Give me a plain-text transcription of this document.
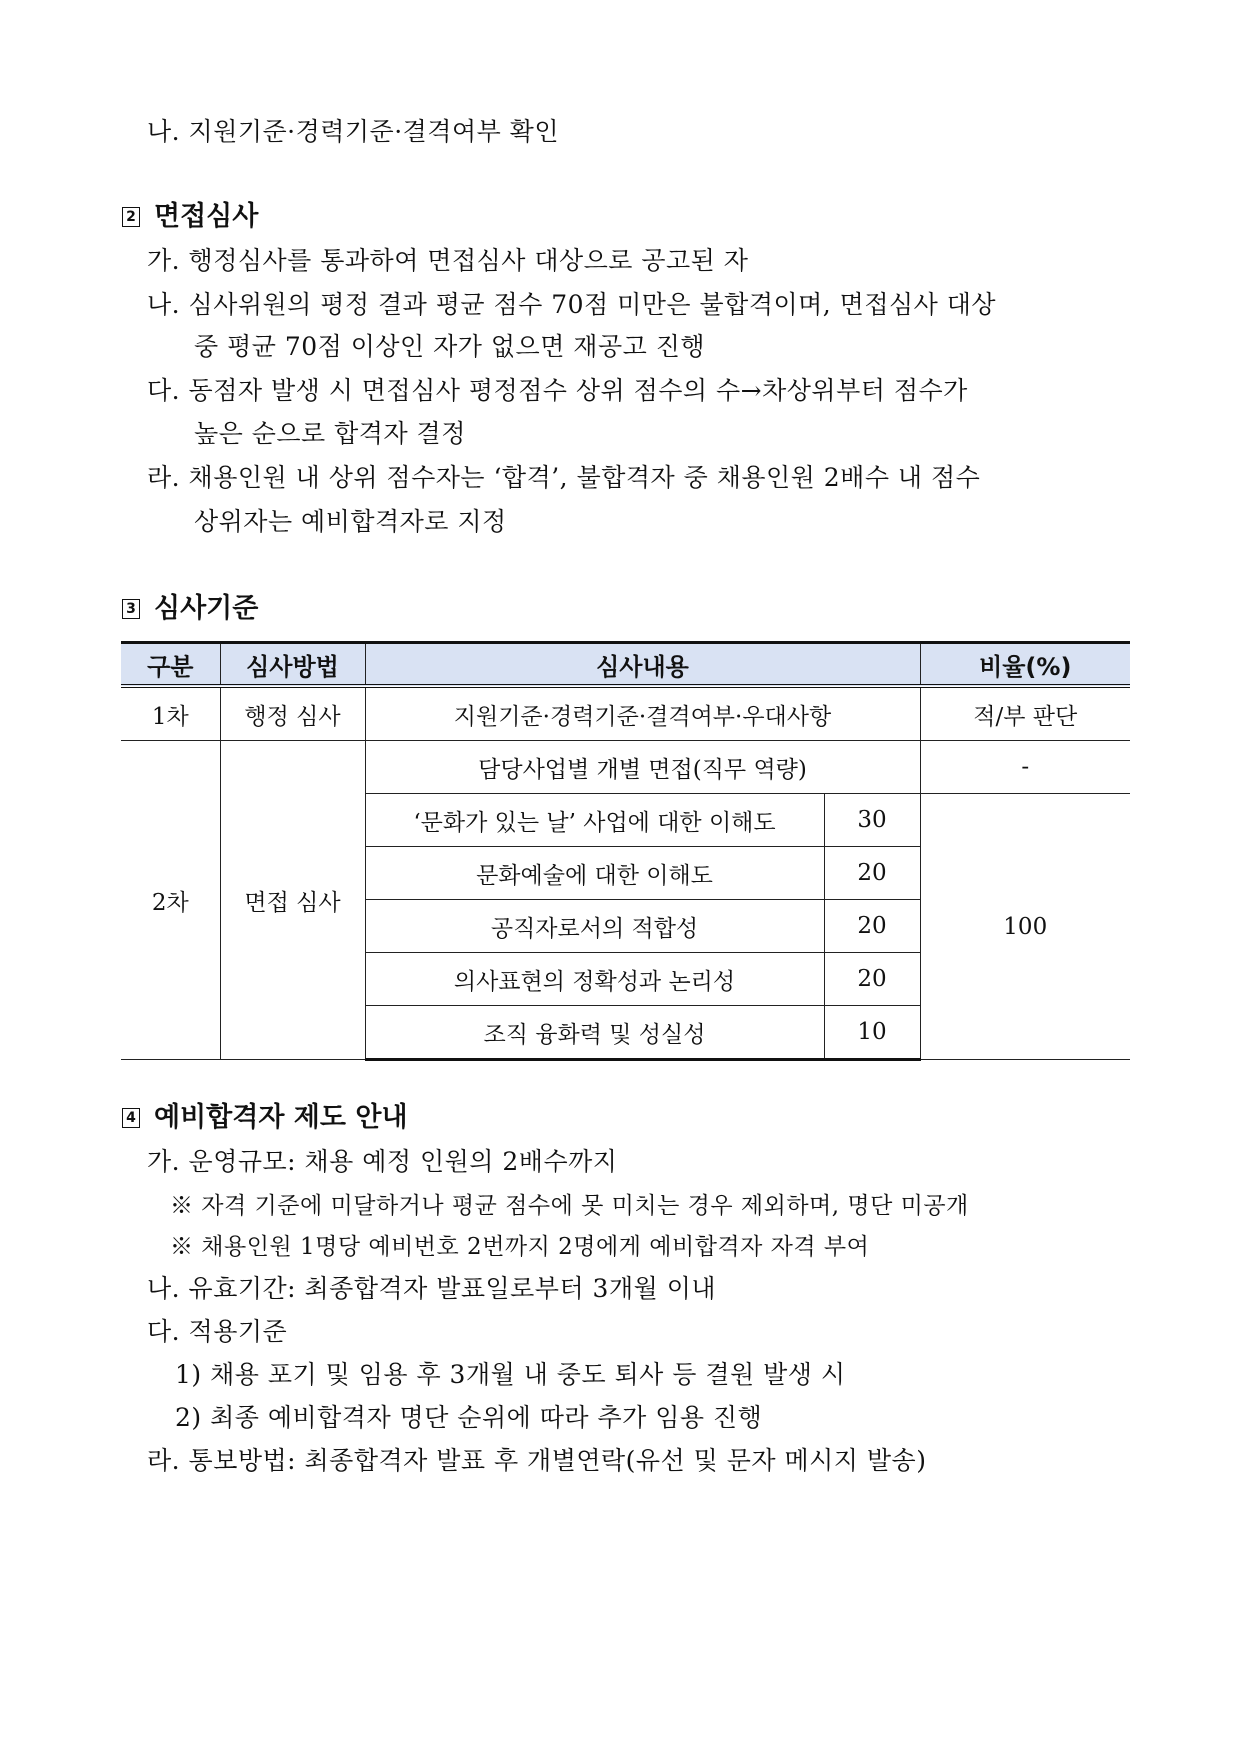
나. 지원기준·경력기준·결격여부 확인
2 면접심사
가. 행정심사를 통과하여 면접심사 대상으로 공고된 자
나. 심사위원의 평정 결과 평균 점수 70점 미만은 불합격이며, 면접심사 대상
중 평균 70점 이상인 자가 없으면 재공고 진행
다. 동점자 발생 시 면접심사 평정점수 상위 점수의 수→차상위부터 점수가
높은 순으로 합격자 결정
라. 채용인원 내 상위 점수자는 ‘합격’, 불합격자 중 채용인원 2배수 내 점수
상위자는 예비합격자로 지정
3 심사기준
구분	심사방법	심사내용		비율(%)
1차	행정 심사	지원기준·경력기준·결격여부·우대사항		적/부 판단
2차	면접 심사	담당사업별 개별 면접(직무 역량)		-
		‘문화가 있는 날’ 사업에 대한 이해도	30	100
		문화예술에 대한 이해도	20	
		공직자로서의 적합성	20	
		의사표현의 정확성과 논리성	20	
		조직 융화력 및 성실성	10	
4 예비합격자 제도 안내
가. 운영규모: 채용 예정 인원의 2배수까지
※ 자격 기준에 미달하거나 평균 점수에 못 미치는 경우 제외하며, 명단 미공개
※ 채용인원 1명당 예비번호 2번까지 2명에게 예비합격자 자격 부여
나. 유효기간: 최종합격자 발표일로부터 3개월 이내
다. 적용기준
1) 채용 포기 및 임용 후 3개월 내 중도 퇴사 등 결원 발생 시
2) 최종 예비합격자 명단 순위에 따라 추가 임용 진행
라. 통보방법: 최종합격자 발표 후 개별연락(유선 및 문자 메시지 발송)
